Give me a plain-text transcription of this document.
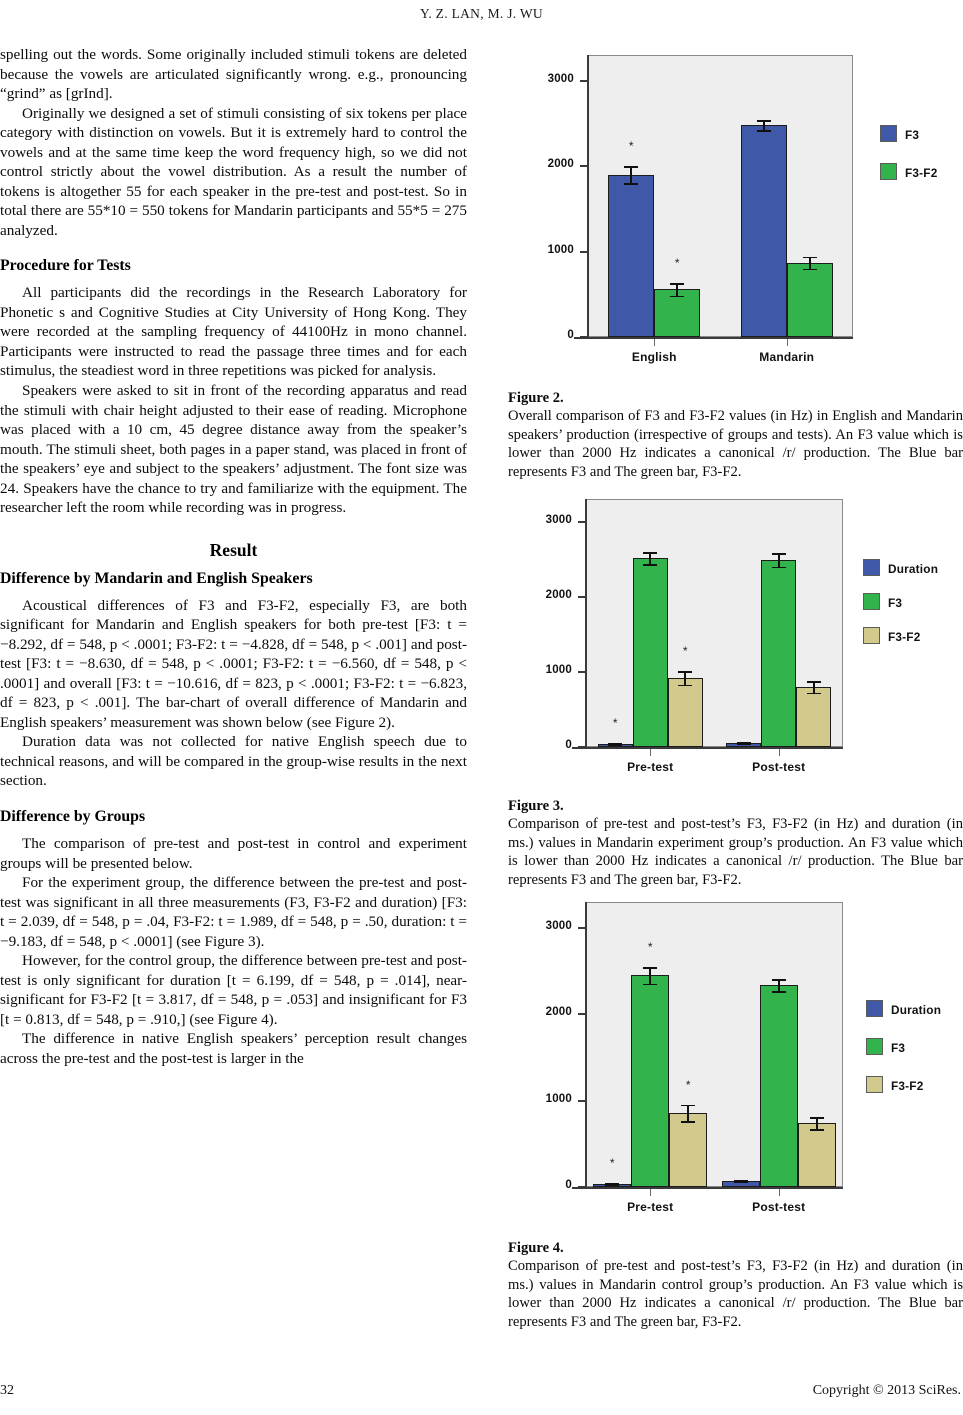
Y. Z. LAN, M. J. WU

spelling out the words. Some originally included stimuli tokens are deleted because the vowels are articulated significantly wrong. e.g., pronouncing “grind” as [grInd].

Originally we designed a set of stimuli consisting of six tokens per place category with distinction on vowels. But it is extremely hard to control the vowels and at the same time keep the word frequency high, so we did not control strictly about the vowel distribution. As a result the number of tokens is altogether 55 for each speaker in the pre-test and post-test. So in total there are 55*10 = 550 tokens for Mandarin participants and 55*5 = 275 analyzed.

Procedure for Tests

All participants did the recordings in the Research Laboratory for Phonetic s and Cognitive Studies at City University of Hong Kong. They were recorded at the sampling frequency of 44100Hz in mono channel. Participants were instructed to read the passage three times and for each stimulus, the steadiest word in three repetitions was picked for analysis.

Speakers were asked to sit in front of the recording apparatus and read the stimuli with chair height adjusted to their ease of reading. Microphone was placed with a 10 cm, 45 degree distance away from the speaker’s mouth. The stimuli sheet, both pages in a paper stand, was placed in front of the speakers’ eye and subject to the speakers’ adjustment. The font size was 24. Speakers have the chance to try and familiarize with the equipment. The researcher left the room while recording was in progress.

Result
Difference by Mandarin and English Speakers

Acoustical differences of F3 and F3-F2, especially F3, are both significant for Mandarin and English speakers for both pre-test [F3: t = −8.292, df = 548, p < .0001; F3-F2: t = −4.828, df = 548, p < .001] and post-test [F3: t = −8.630, df = 548, p < .0001; F3-F2: t = −6.560, df = 548, p < .0001] and overall [F3: t = −10.616, df = 823, p < .0001; F3-F2: t = −6.823, df = 823, p < .001]. The bar-chart of overall difference of Mandarin and English speakers’ measurement was shown below (see Figure 2).

Duration data was not collected for native English speech due to technical reasons, and will be compared in the group-wise results in the next section.

Difference by Groups

The comparison of pre-test and post-test in control and experiment groups will be presented below.

For the experiment group, the difference between the pre-test and post-test was significant in all three measurements (F3, F3-F2 and duration) [F3: t = 2.039, df = 548, p = .04, F3-F2: t = 1.989, df = 548, p = .50, duration: t = −9.183, df = 548, p < .0001] (see Figure 3).

However, for the control group, the difference between pre-test and post-test is only significant for duration [t = 6.199, df = 548, p = .014], near-significant for F3-F2 [t = 3.817, df = 548, p = .053] and insignificant for F3 [t = 0.813, df = 548, p = .910,] (see Figure 4).

The difference in native English speakers’ perception result changes across the pre-test and the post-test is larger in the

0
1000
2000
3000
*
*
English	Mandarin
F3
F3-F2
Figure 2.
Overall comparison of F3 and F3-F2 values (in Hz) in English and Mandarin speakers’ production (irrespective of groups and tests). An F3 value which is lower than 2000 Hz indicates a canonical /r/ production. The Blue bar represents F3 and The green bar, F3-F2.
0
1000
2000
3000
*
*
Pre-test	Post-test
Duration
F3
F3-F2
Figure 3.
Comparison of pre-test and post-test’s F3, F3-F2 (in Hz) and duration (in ms.) values in Mandarin experiment group’s production. An F3 value which is lower than 2000 Hz indicates a canonical /r/ production. The Blue bar represents F3 and The green bar, F3-F2.
0
1000
2000
3000
*
*
*
Pre-test	Post-test
Duration
F3
F3-F2
Figure 4.
Comparison of pre-test and post-test’s F3, F3-F2 (in Hz) and duration (in ms.) values in Mandarin control group’s production. An F3 value which is lower than 2000 Hz indicates a canonical /r/ production. The Blue bar represents F3 and The green bar, F3-F2.
32	Copyright © 2013 SciRes.
